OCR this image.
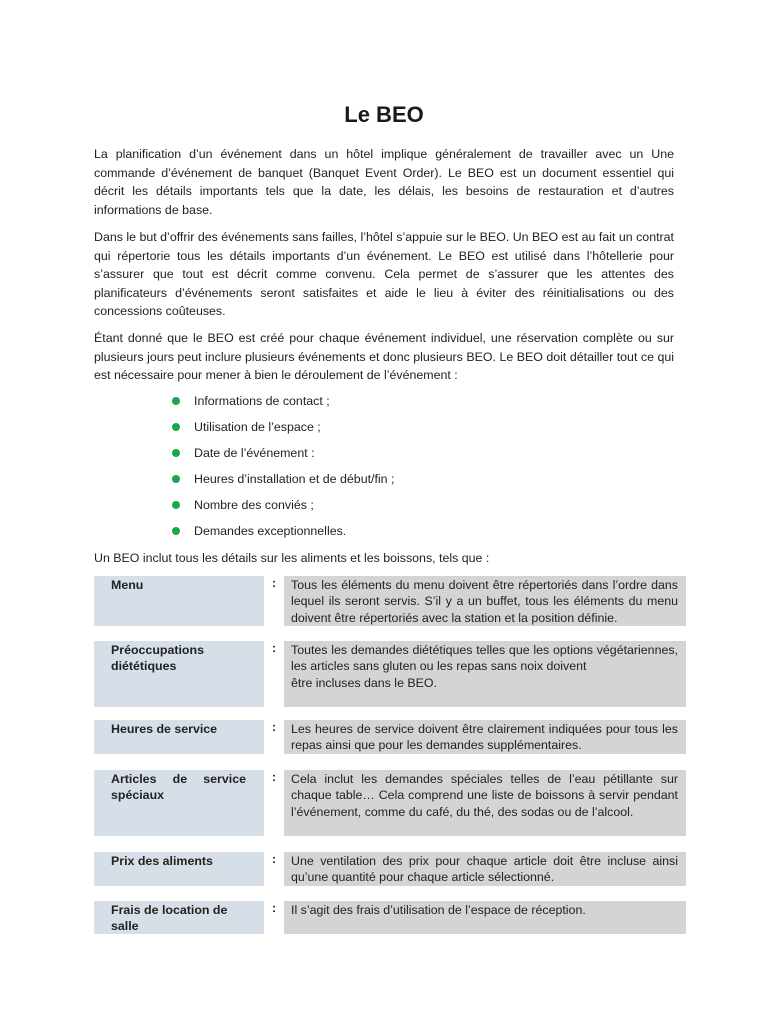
Le BEO
La planification d’un événement dans un hôtel implique généralement de travailler avec un Une commande d’événement de banquet (Banquet Event Order). Le BEO est un document essentiel qui décrit les détails importants tels que la date, les délais, les besoins de restauration et d’autres informations de base.
Dans le but d’offrir des événements sans failles, l’hôtel s’appuie sur le BEO. Un BEO est au fait un contrat qui répertorie tous les détails importants d’un événement. Le BEO est utilisé dans l’hôtellerie pour s’assurer que tout est décrit comme convenu. Cela permet de s’assurer que les attentes des planificateurs d’événements seront satisfaites et aide le lieu à éviter des réinitialisations ou des concessions coûteuses.
Étant donné que le BEO est créé pour chaque événement individuel, une réservation complète ou sur plusieurs jours peut inclure plusieurs événements et donc plusieurs BEO. Le BEO doit détailler tout ce qui est nécessaire pour mener à bien le déroulement de l’événement :
Informations de contact ;
Utilisation de l’espace ;
Date de l’événement :
Heures d’installation et de début/fin ;
Nombre des conviés ;
Demandes exceptionnelles.
Un BEO inclut tous les détails sur les aliments et les boissons, tels que :
Menu	:	Tous les éléments du menu doivent être répertoriés dans l’ordre dans lequel ils seront servis. S’il y a un buffet, tous les éléments du menu doivent être répertoriés avec la station et la position définie.
Préoccupations diététiques
:	Toutes les demandes diététiques telles que les options végétariennes, les articles sans gluten ou les repas sans noix doivent
être incluses dans le BEO.
Heures de service	:	Les heures de service doivent être clairement indiquées pour tous les repas ainsi que pour les demandes supplémentaires.
Articles de service spéciaux
:	Cela inclut les demandes spéciales telles de l’eau pétillante sur chaque table… Cela comprend une liste de boissons à servir pendant l’événement, comme du café, du thé, des sodas ou de l’alcool.
Prix des aliments	:	Une ventilation des prix pour chaque article doit être incluse ainsi qu’une quantité pour chaque article sélectionné.
Frais de location de salle
:	Il s’agit des frais d’utilisation de l’espace de réception.
